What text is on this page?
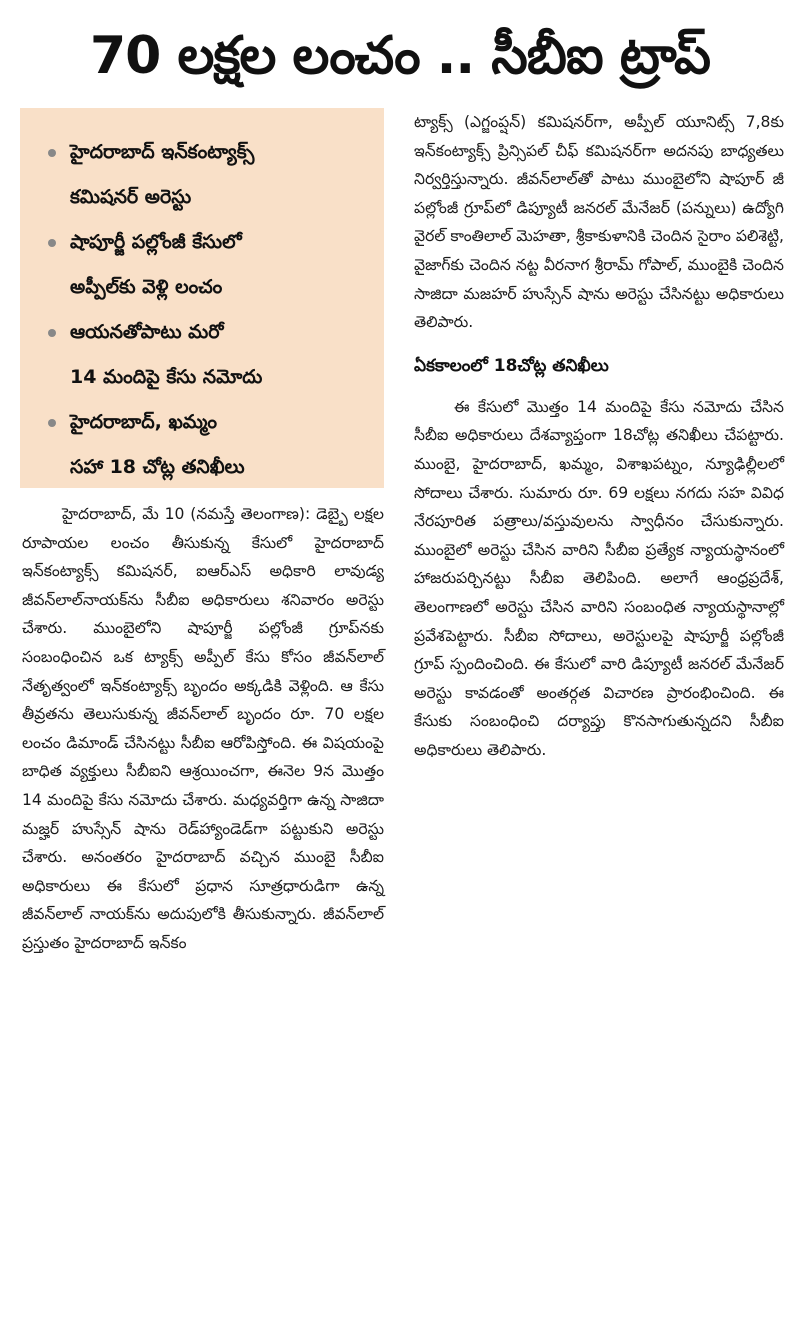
70 లక్షల లంచం .. సీబీఐ ట్రాప్
హైదరాబాద్ ఇన్‌కంట్యాక్స్
కమిషనర్ అరెస్టు
షాపూర్జీ పల్లోంజీ కేసులో
అప్పీల్‌కు వెళ్లి లంచం
ఆయనతోపాటు మరో
14 మందిపై కేసు నమోదు
హైదరాబాద్, ఖమ్మం
సహా 18 చోట్ల తనిఖీలు

హైదరాబాద్, మే 10 (నమస్తే తెలంగాణ): డెబ్బై లక్షల రూపాయల లంచం తీసుకున్న కేసులో హైదరాబాద్ ఇన్‌కంట్యాక్స్ కమిషనర్, ఐఆర్‌ఎస్ అధికారి లావుడ్య జీవన్‌లాల్‌నాయక్‌ను సీబీఐ అధికారులు శనివారం అరెస్టు చేశారు. ముంబైలోని షాపూర్జీ పల్లోంజీ గ్రూప్‌నకు సంబంధించిన ఒక ట్యాక్స్ అప్పీల్ కేసు కోసం జీవన్‌లాల్ నేతృత్వంలో ఇన్‌కంట్యాక్స్ బృందం అక్కడికి వెళ్లింది. ఆ కేసు తీవ్రతను తెలుసుకున్న జీవన్‌లాల్ బృందం రూ. 70 లక్షల లంచం డిమాండ్ చేసినట్టు సీబీఐ ఆరోపిస్తోంది. ఈ విషయంపై బాధిత వ్యక్తులు సీబీఐని ఆశ్రయించగా, ఈనెల 9న మొత్తం 14 మందిపై కేసు నమోదు చేశారు. మధ్యవర్తిగా ఉన్న సాజిదా మజ్హర్ హుస్సేన్ షాను రెడ్‌హ్యాండెడ్‌గా పట్టుకుని అరెస్టు చేశారు. అనంతరం హైదరాబాద్ వచ్చిన ముంబై సీబీఐ అధికారులు ఈ కేసులో ప్రధాన సూత్రధారుడిగా ఉన్న జీవన్‌లాల్ నాయక్‌ను అదుపులోకి తీసుకున్నారు. జీవన్‌లాల్ ప్రస్తుతం హైదరాబాద్ ఇన్‌కం

ట్యాక్స్ (ఎగ్జంప్షన్) కమిషనర్‌గా, అప్పీల్ యూనిట్స్ 7,8కు ఇన్‌కంట్యాక్స్ ప్రిన్సిపల్ చీఫ్ కమిషనర్‌గా అదనపు బాధ్యతలు నిర్వర్తిస్తున్నారు. జీవన్‌లాల్‌తో పాటు ముంబైలోని షాపూర్ జీ పల్లోంజీ గ్రూప్‌లో డిప్యూటీ జనరల్ మేనేజర్ (పన్నులు) ఉద్యోగి వైరల్ కాంతిలాల్ మెహతా, శ్రీకాకుళానికి చెందిన సైరాం పలిశెట్టి, వైజాగ్‌కు చెందిన నట్ట వీరనాగ శ్రీరామ్ గోపాల్, ముంబైకి చెందిన సాజిదా మజహర్ హుస్సేన్ షాను అరెస్టు చేసినట్టు అధికారులు తెలిపారు.

ఏకకాలంలో 18చోట్ల తనిఖీలు

ఈ కేసులో మొత్తం 14 మందిపై కేసు నమోదు చేసిన సీబీఐ అధికారులు దేశవ్యాప్తంగా 18చోట్ల తనిఖీలు చేపట్టారు. ముంబై, హైదరాబాద్, ఖమ్మం, విశాఖపట్నం, న్యూఢిల్లీలలో సోదాలు చేశారు. సుమారు రూ. 69 లక్షలు నగదు సహ వివిధ నేరపూరిత పత్రాలు/వస్తువులను స్వాధీనం చేసుకున్నారు. ముంబైలో అరెస్టు చేసిన వారిని సీబీఐ ప్రత్యేక న్యాయస్థానంలో హాజరుపర్చినట్టు సీబీఐ తెలిపింది. అలాగే ఆంధ్రప్రదేశ్, తెలంగాణలో అరెస్టు చేసిన వారిని సంబంధిత న్యాయస్థానాల్లో ప్రవేశపెట్టారు. సీబీఐ సోదాలు, అరెస్టులపై షాపూర్జీ పల్లోంజీ గ్రూప్ స్పందించింది. ఈ కేసులో వారి డిప్యూటీ జనరల్ మేనేజర్ అరెస్టు కావడంతో అంతర్గత విచారణ ప్రారంభించింది. ఈ కేసుకు సంబంధించి దర్యాప్తు కొనసాగుతున్నదని సీబీఐ అధికారులు తెలిపారు.
